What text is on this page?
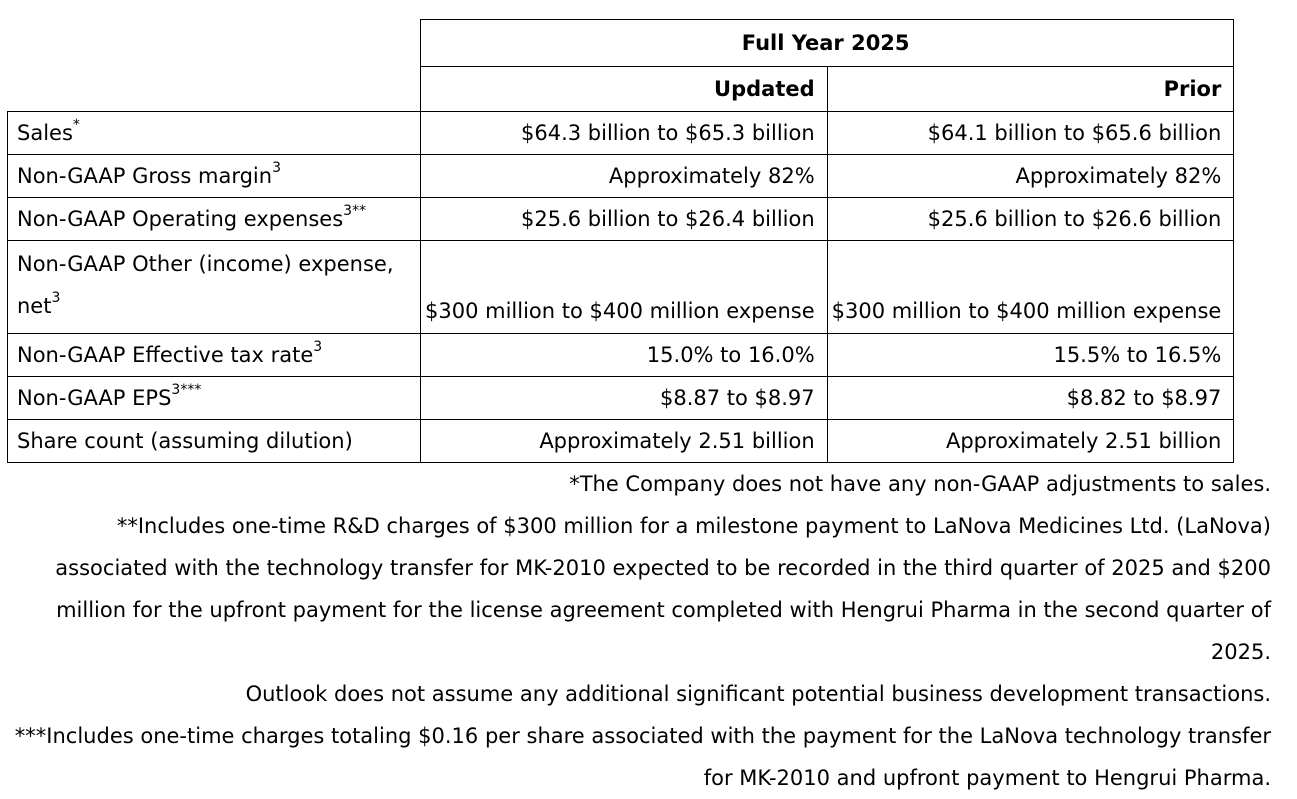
	Full Year 2025	
	Updated	Prior
Sales*	$64.3 billion to $65.3 billion	$64.1 billion to $65.6 billion
Non-GAAP Gross margin$^3$	Approximately 82%	Approximately 82%
Non-GAAP Operating expenses$^{3**}$	$25.6 billion to $26.4 billion	$25.6 billion to $26.6 billion
Non-GAAP Other (income) expense, net$^3$	$300 million to $400 million expense	$300 million to $400 million expense
Non-GAAP Effective tax rate$^3$	15.0% to 16.0%	15.5% to 16.5%
Non-GAAP $EPS^{3***}$	$8.87 to $8.97	$8.82 to $8.97
Share count (assuming dilution)	Approximately 2.51 billion	Approximately 2.51 billion

*The Company does not have any non-GAAP adjustments to sales.

**Includes one-time R&D charges of $300 million for a milestone payment to LaNova Medicines Ltd. (LaNova) associated with the technology transfer for MK-2010 expected to be recorded in the third quarter of 2025 and $200 million for the upfront payment for the license agreement completed with Hengrui Pharma in the second quarter of 2025.

Outlook does not assume any additional significant potential business development transactions.

***Includes one-time charges totaling $0.16 per share associated with the payment for the LaNova technology transfer for MK-2010 and upfront payment to Hengrui Pharma.
